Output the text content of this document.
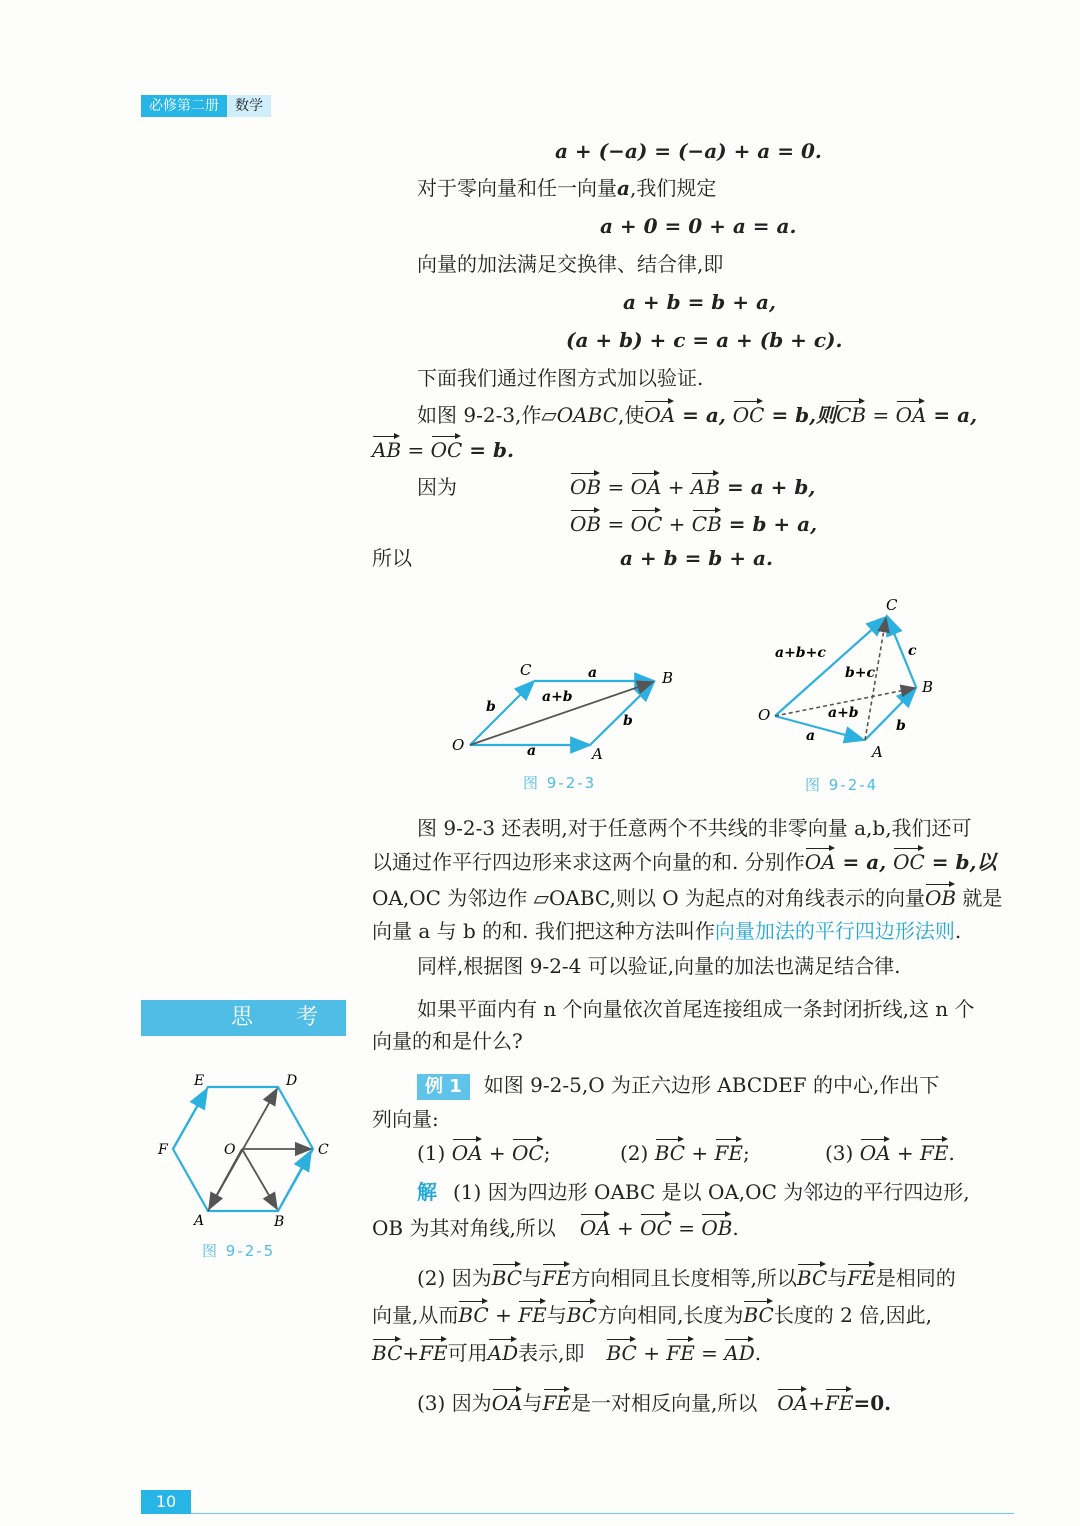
必修第二册 数学
a + (−a) = (−a) + a = 0.
对于零向量和任一向量a,我们规定
a + 0 = 0 + a = a.
向量的加法满足交换律、结合律,即
a + b = b + a,
(a + b) + c = a + (b + c).
下面我们通过作图方式加以验证.
如图 9-2-3,作▱OABC,使OA = a, OC = b,则CB = OA = a,
AB = OC = b.
因为	OB = OA + AB = a + b,
OB = OC + CB = b + a,
所以	a + b = b + a.
O	A
B
C	a
a
b
b
a+b
图 9-2-3
O
A
B
C
a
b
c
a+b+c
b+c
a+b
图 9-2-4
图 9-2-3 还表明,对于任意两个不共线的非零向量 a,b,我们还可
以通过作平行四边形来求这两个向量的和. 分别作OA = a, OC = b,以
OA,OC 为邻边作 ▱OABC,则以 O 为起点的对角线表示的向量OB 就是
向量 a 与 b 的和. 我们把这种方法叫作向量加法的平行四边形法则.
同样,根据图 9-2-4 可以验证,向量的加法也满足结合律.
思 考	如果平面内有 n 个向量依次首尾连接组成一条封闭折线,这 n 个
向量的和是什么?
例 1 如图 9-2-5,O 为正六边形 ABCDEF 的中心,作出下
列向量:
(1) OA + OC;	(2) BC + FE;	(3) OA + FE.
解 (1) 因为四边形 OABC 是以 OA,OC 为邻边的平行四边形,
OB 为其对角线,所以 OA + OC = OB.
(2) 因为BC与FE方向相同且长度相等,所以BC与FE是相同的
向量,从而BC + FE与BC方向相同,长度为BC长度的 2 倍,因此,
BC+FE可用AD表示,即 BC + FE = AD.
(3) 因为OA与FE是一对相反向量,所以 OA+FE=0.
A	B
C
D
E
F	O
图 9-2-5
10
